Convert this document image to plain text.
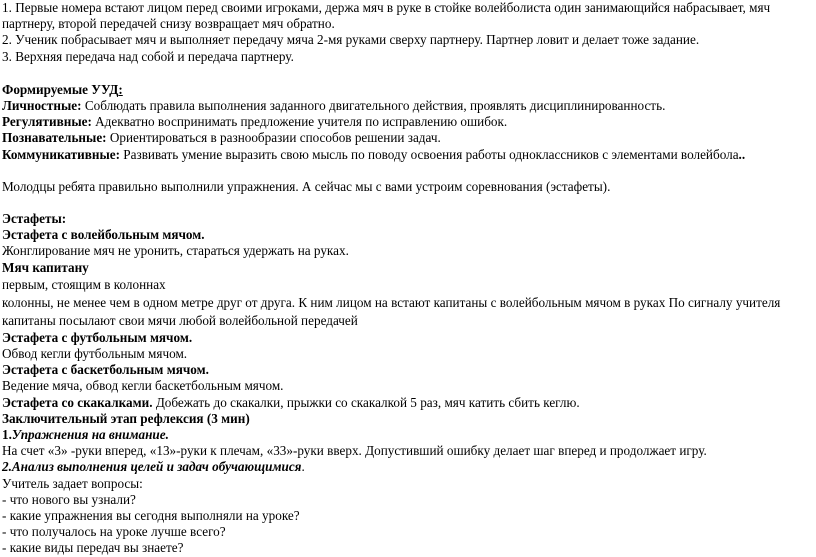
1. Первые номера встают лицом перед своими игроками, держа мяч в руке в стойке волейболиста один занимающийся набрасывает, мяч партнеру, второй передачей снизу возвращает мяч обратно.
2. Ученик побрасывает мяч и выполняет передачу мяча 2-мя руками сверху партнеру. Партнер ловит и делает тоже задание.
3. Верхняя передача над собой и передача партнеру.
Формируемые УУД:
Личностные: Соблюдать правила выполнения заданного двигательного действия, проявлять дисциплинированность.
Регулятивные: Адекватно воспринимать предложение учителя по исправлению ошибок.
Познавательные: Ориентироваться в разнообразии способов решении задач.
Коммуникативные: Развивать умение выразить свою мысль по поводу освоения работы одноклассников с элементами волейбола..
Молодцы ребята правильно выполнили упражнения. А сейчас мы с вами устроим соревнования (эстафеты).
Эстафеты:
Эстафета с волейбольным мячом.
Жонглирование мяч не уронить, стараться удержать на руках.
Мяч капитану
первым, стоящим в колоннах
колонны, не менее чем в одном метре друг от друга. К ним лицом на встают капитаны с волейбольным мячом в руках По сигналу учителя капитаны посылают свои мячи любой волейбольной передачей
Эстафета с футбольным мячом.
Обвод кегли футбольным мячом.
Эстафета с баскетбольным мячом.
Ведение мяча, обвод кегли баскетбольным мячом.
Эстафета со скакалками. Добежать до скакалки, прыжки со скакалкой 5 раз, мяч катить сбить кеглю.
Заключительный этап рефлексия (3 мин)
1.Упражнения на внимание.
На счет «3» -руки вперед, «13»-руки к плечам, «33»-руки вверх. Допустивший ошибку делает шаг вперед и продолжает игру.
2.Анализ выполнения целей и задач обучающимися.
Учитель задает вопросы:
- что нового вы узнали?
- какие упражнения вы сегодня выполняли на уроке?
- что получалось на уроке лучше всего?
- какие виды передач вы знаете?
